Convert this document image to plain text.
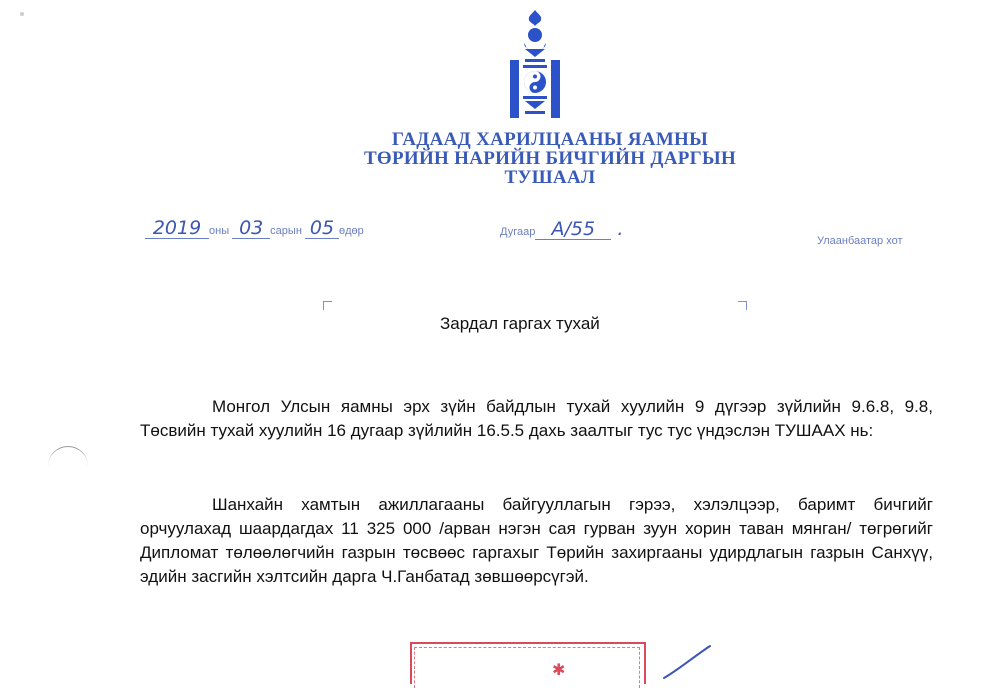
ГАДААД ХАРИЛЦААНЫ ЯАМНЫ
ТӨРИЙН НАРИЙН БИЧГИЙН ДАРГЫН
ТУШААЛ
2019 оны 03 сарын 05 өдөр	Дугаар А/55 .
Улаанбаатар хот
Зардал гаргах тухай

Монгол Улсын яамны эрх зүйн байдлын тухай хуулийн 9 дүгээр зүйлийн 9.6.8, 9.8, Төсвийн тухай хуулийн 16 дугаар зүйлийн 16.5.5 дахь заалтыг тус тус үндэслэн ТУШААХ нь:

Шанхайн хамтын ажиллагааны байгууллагын гэрээ, хэлэлцээр, баримт бичгийг орчуулахад шаардагдах 11 325 000 /арван нэгэн сая гурван зуун хорин таван мянган/ төгрөгийг Дипломат төлөөлөгчийн газрын төсвөөс гаргахыг Төрийн захиргааны удирдлагын газрын Санхүү, эдийн засгийн хэлтсийн дарга Ч.Ганбатад зөвшөөрсүгэй.

✱
